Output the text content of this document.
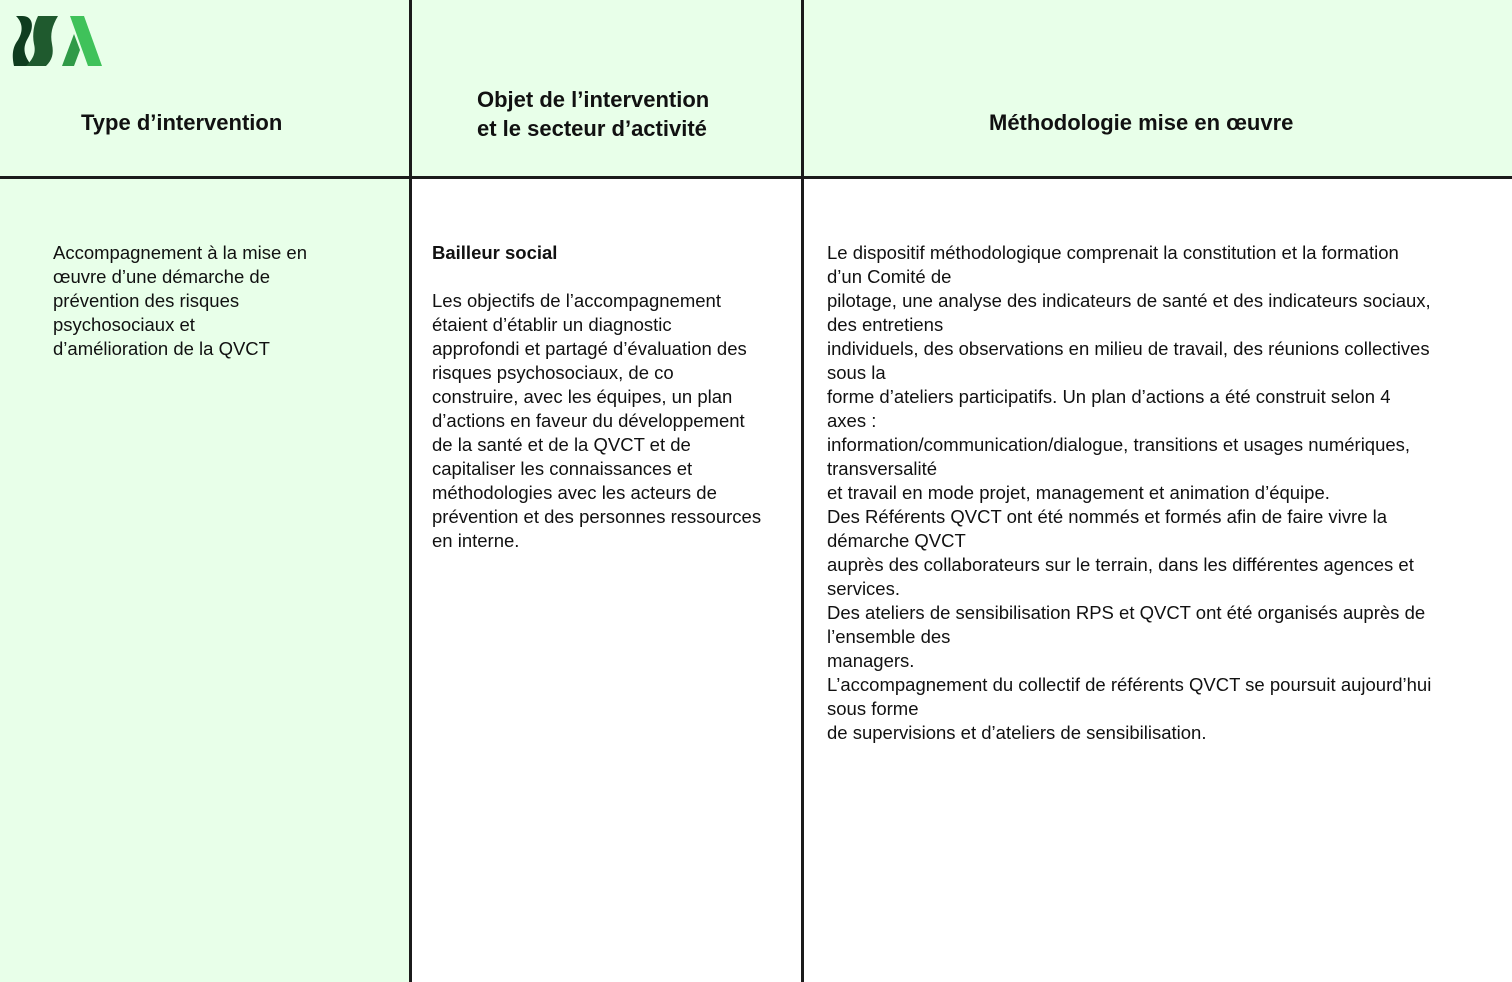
Type d’intervention
Objet de l’intervention
et le secteur d’activité	Méthodologie mise en œuvre
Accompagnement à la mise en
œuvre d’une démarche de
prévention des risques
psychosociaux et
d’amélioration de la QVCT
Bailleur social
Les objectifs de l’accompagnement
étaient d’établir un diagnostic
approfondi et partagé d’évaluation des
risques psychosociaux, de co
construire, avec les équipes, un plan
d’actions en faveur du développement
de la santé et de la QVCT et de
capitaliser les connaissances et
méthodologies avec les acteurs de
prévention et des personnes ressources
en interne.
Le dispositif méthodologique comprenait la constitution et la formation
d’un Comité de
pilotage, une analyse des indicateurs de santé et des indicateurs sociaux,
des entretiens
individuels, des observations en milieu de travail, des réunions collectives
sous la
forme d’ateliers participatifs. Un plan d’actions a été construit selon 4
axes :
information/communication/dialogue, transitions et usages numériques,
transversalité
et travail en mode projet, management et animation d’équipe.
Des Référents QVCT ont été nommés et formés afin de faire vivre la
démarche QVCT
auprès des collaborateurs sur le terrain, dans les différentes agences et
services.
Des ateliers de sensibilisation RPS et QVCT ont été organisés auprès de
l’ensemble des
managers.
L’accompagnement du collectif de référents QVCT se poursuit aujourd’hui
sous forme
de supervisions et d’ateliers de sensibilisation.
